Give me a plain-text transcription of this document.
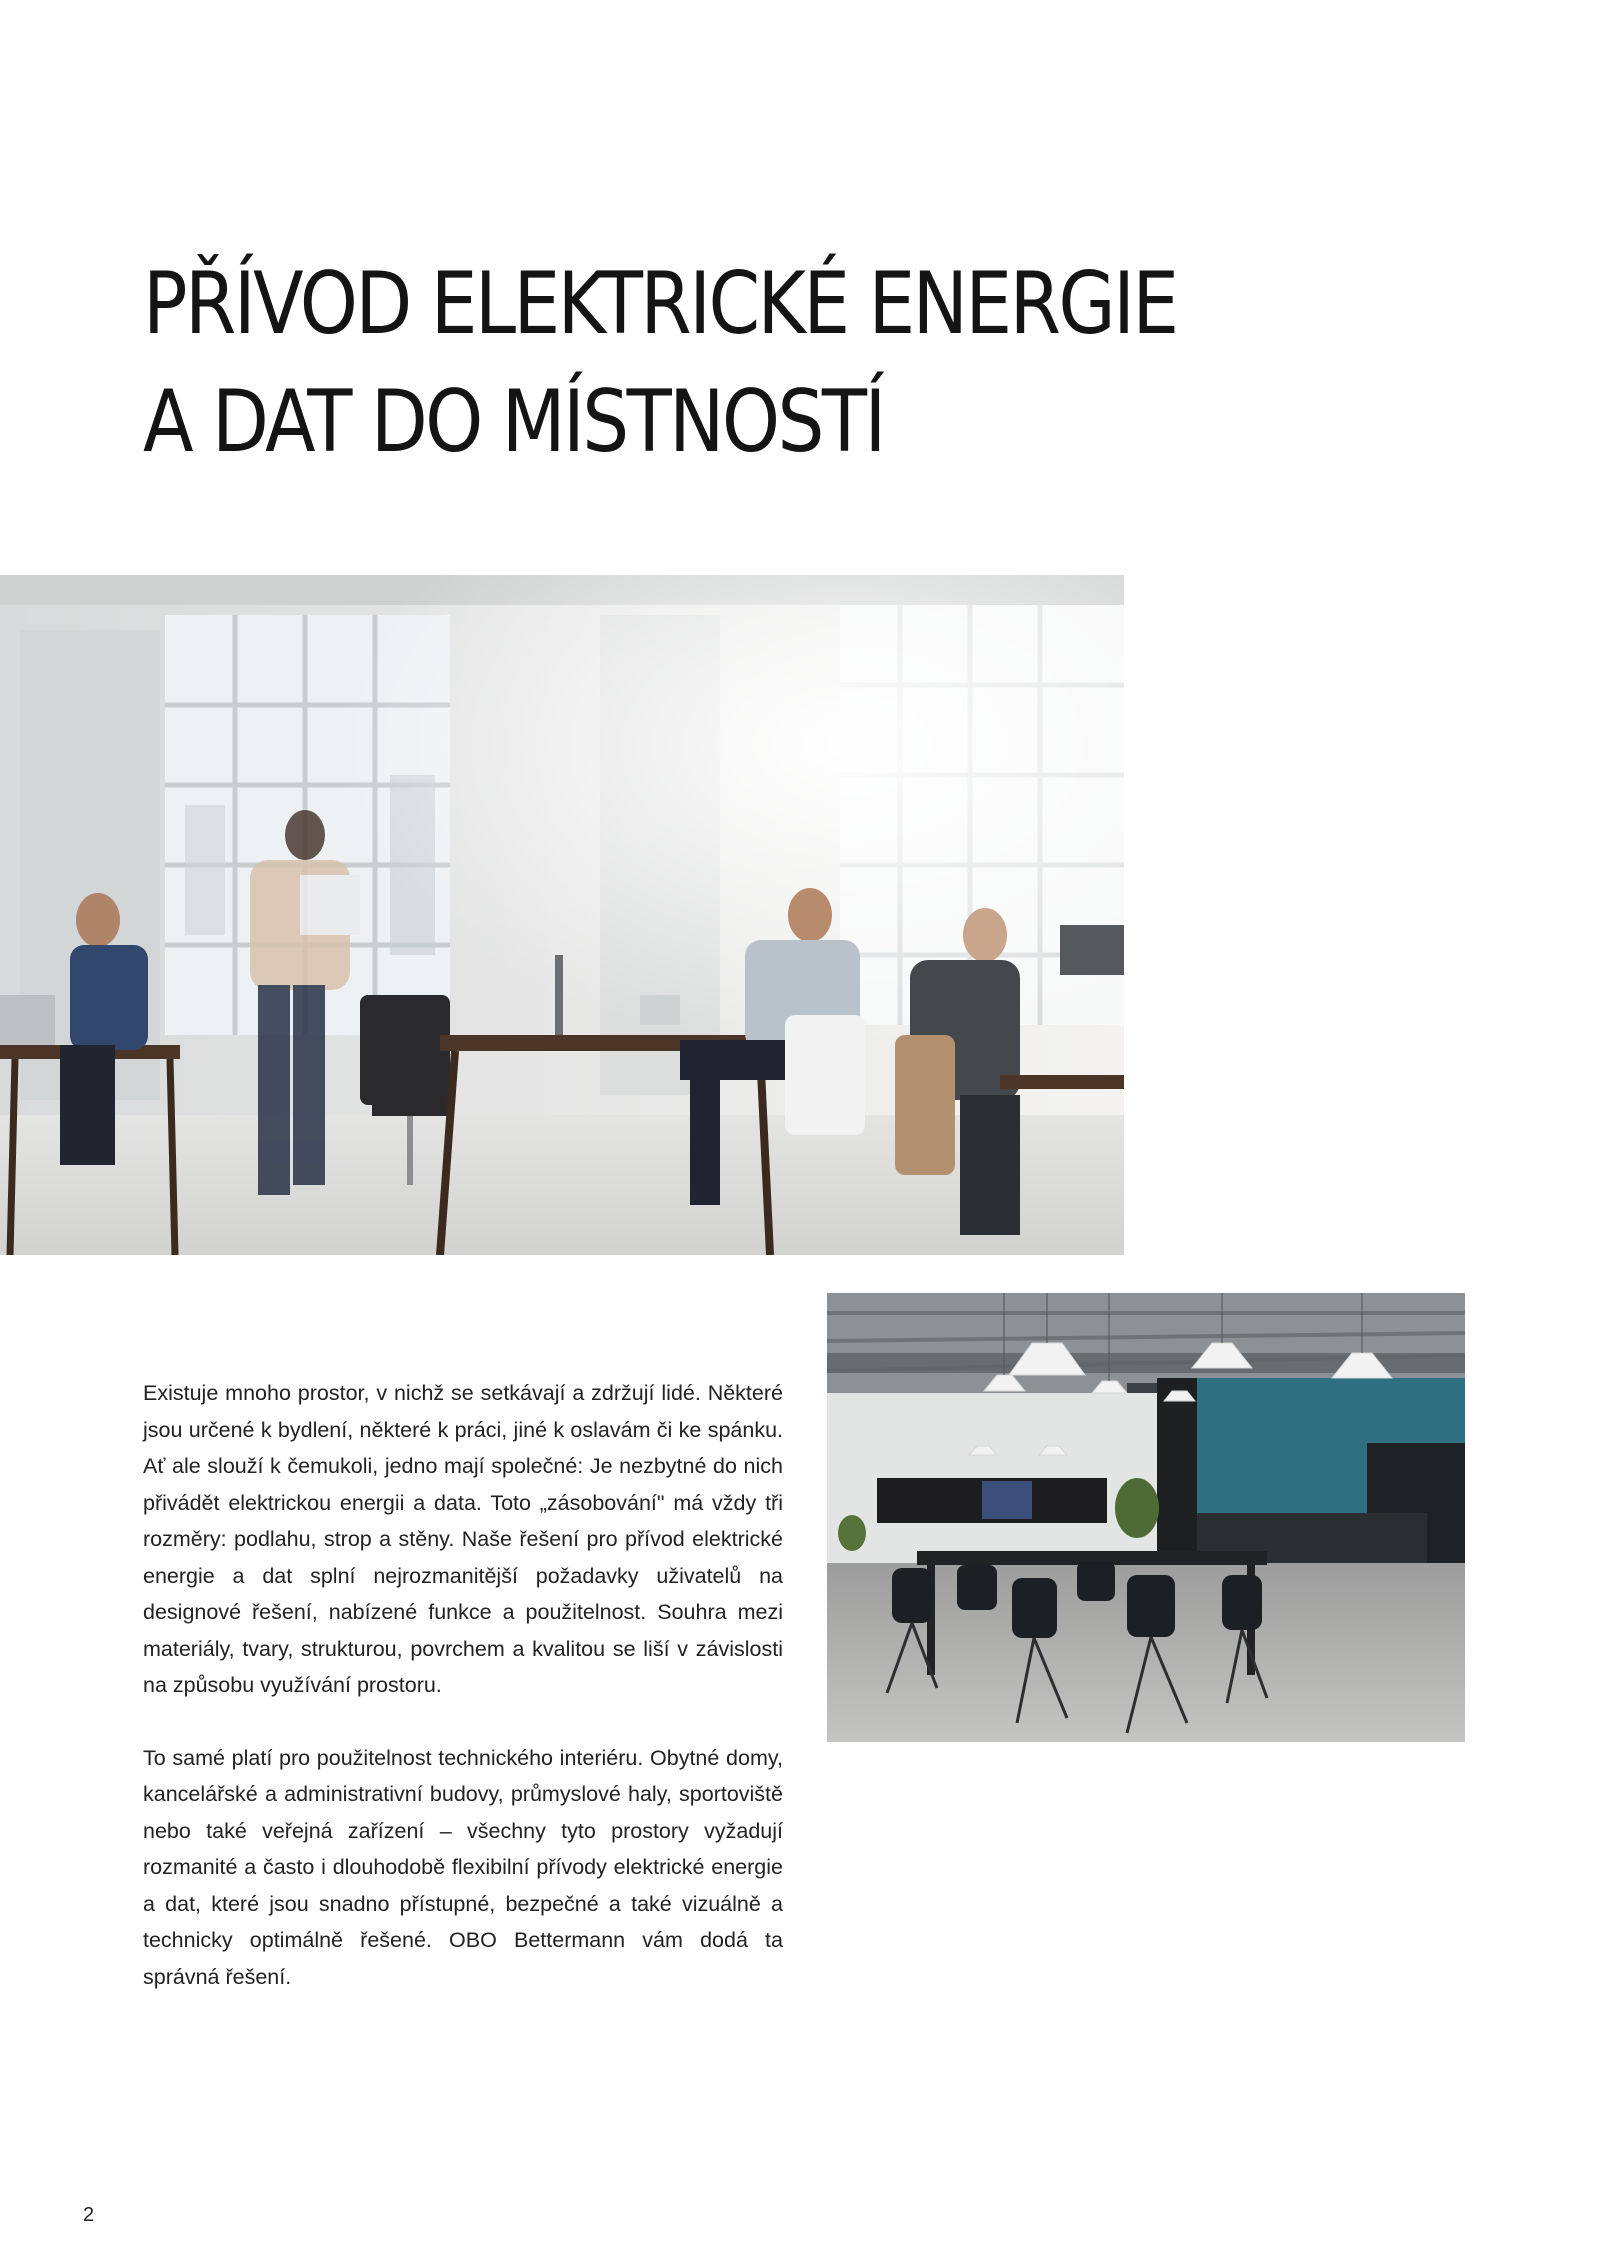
PŘÍVOD ELEKTRICKÉ ENERGIE
A DAT DO MÍSTNOSTÍ

Existuje mnoho prostor, v nichž se setkávají a zdržují lidé. Některé jsou určené k bydlení, některé k práci, jiné k oslavám či ke spánku. Ať ale slouží k čemukoli, jedno mají společné: Je nezbytné do nich přivádět elektrickou energii a data. Toto „zásobování" má vždy tři rozměry: podlahu, strop a stěny. Naše řešení pro přívod elektrické energie a dat splní nejrozmanitější požadavky uživatelů na designové řešení, nabízené funkce a použitelnost. Souhra mezi materiály, tvary, strukturou, povrchem a kvalitou se liší v závislosti na způsobu využívání prostoru.

To samé platí pro použitelnost technického interiéru. Obytné domy, kancelářské a administrativní budovy, průmyslové haly, sportoviště nebo také veřejná zařízení – všechny tyto prostory vyžadují rozmanité a často i dlouhodobě flexibilní přívody elektrické energie a dat, které jsou snadno přístupné, bezpečné a také vizuálně a technicky optimálně řešené. OBO Bettermann vám dodá ta správná řešení.

2
